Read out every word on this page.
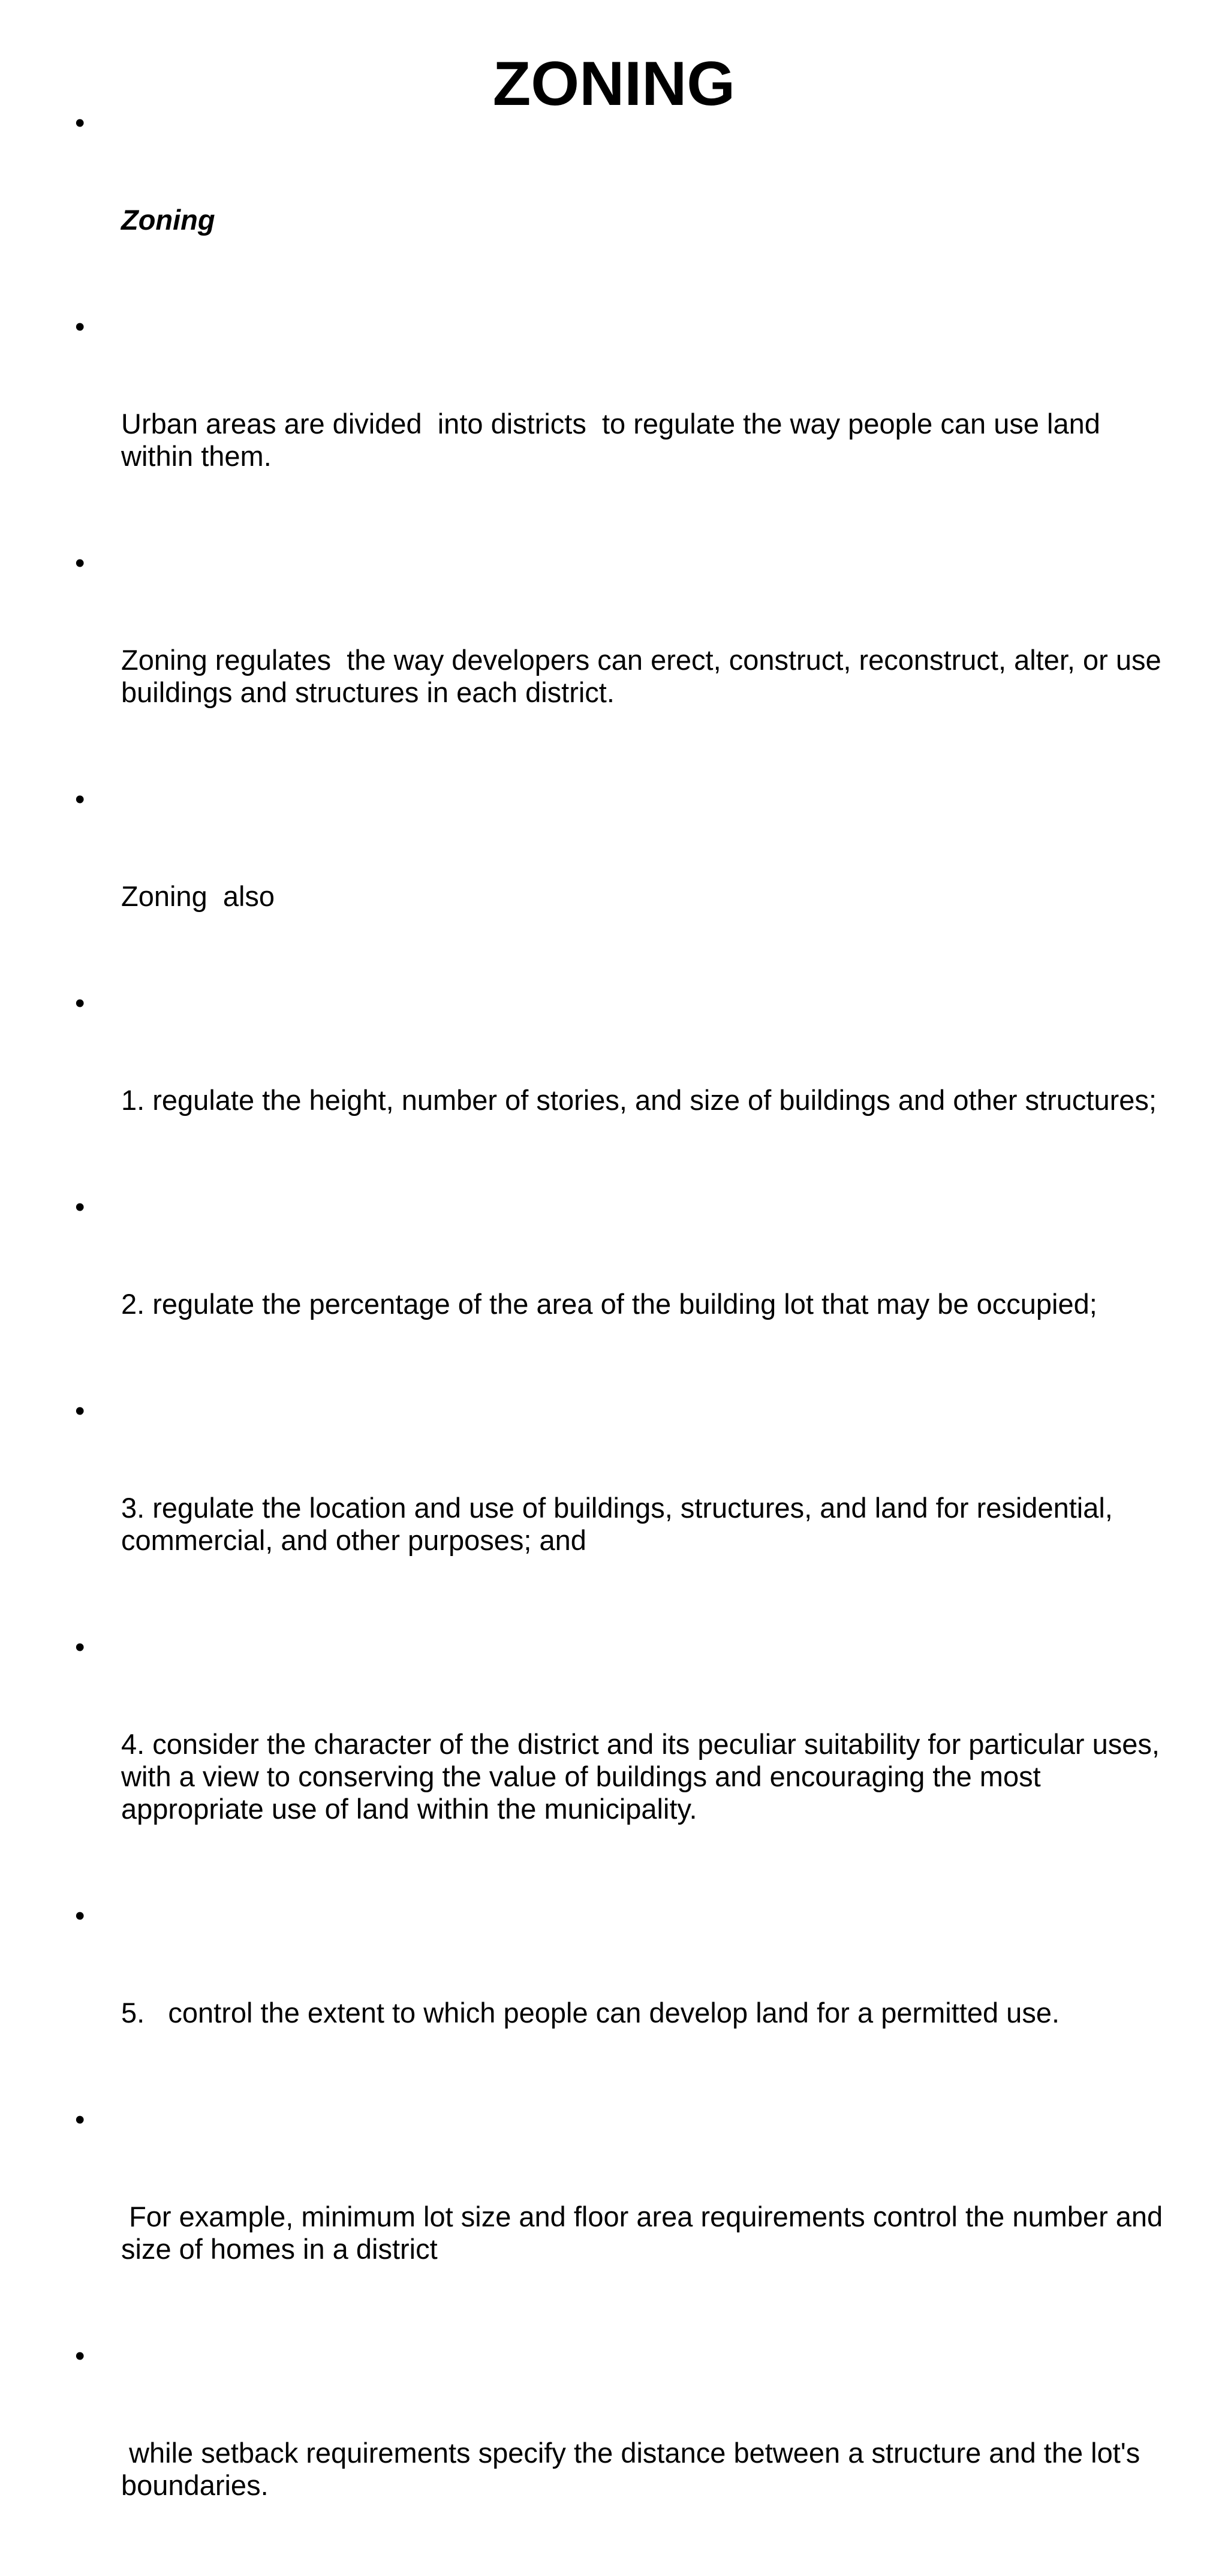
ZONING

•

Zoning

•

Urban areas are divided  into districts  to regulate the way people can use land within them.

•

Zoning regulates  the way developers can erect, construct, reconstruct, alter, or use buildings and structures in each district.

•

Zoning  also

•

1. regulate the height, number of stories, and size of buildings and other structures;

•

2. regulate the percentage of the area of the building lot that may be occupied;

•

3. regulate the location and use of buildings, structures, and land for residential, commercial, and other purposes; and

•

4. consider the character of the district and its peculiar suitability for particular uses, with a view to conserving the value of buildings and encouraging the most appropriate use of land within the municipality.

•

5.   control the extent to which people can develop land for a permitted use.

•

For example, minimum lot size and floor area requirements control the number and size of homes in a district

•

while setback requirements specify the distance between a structure and the lot's boundaries.
